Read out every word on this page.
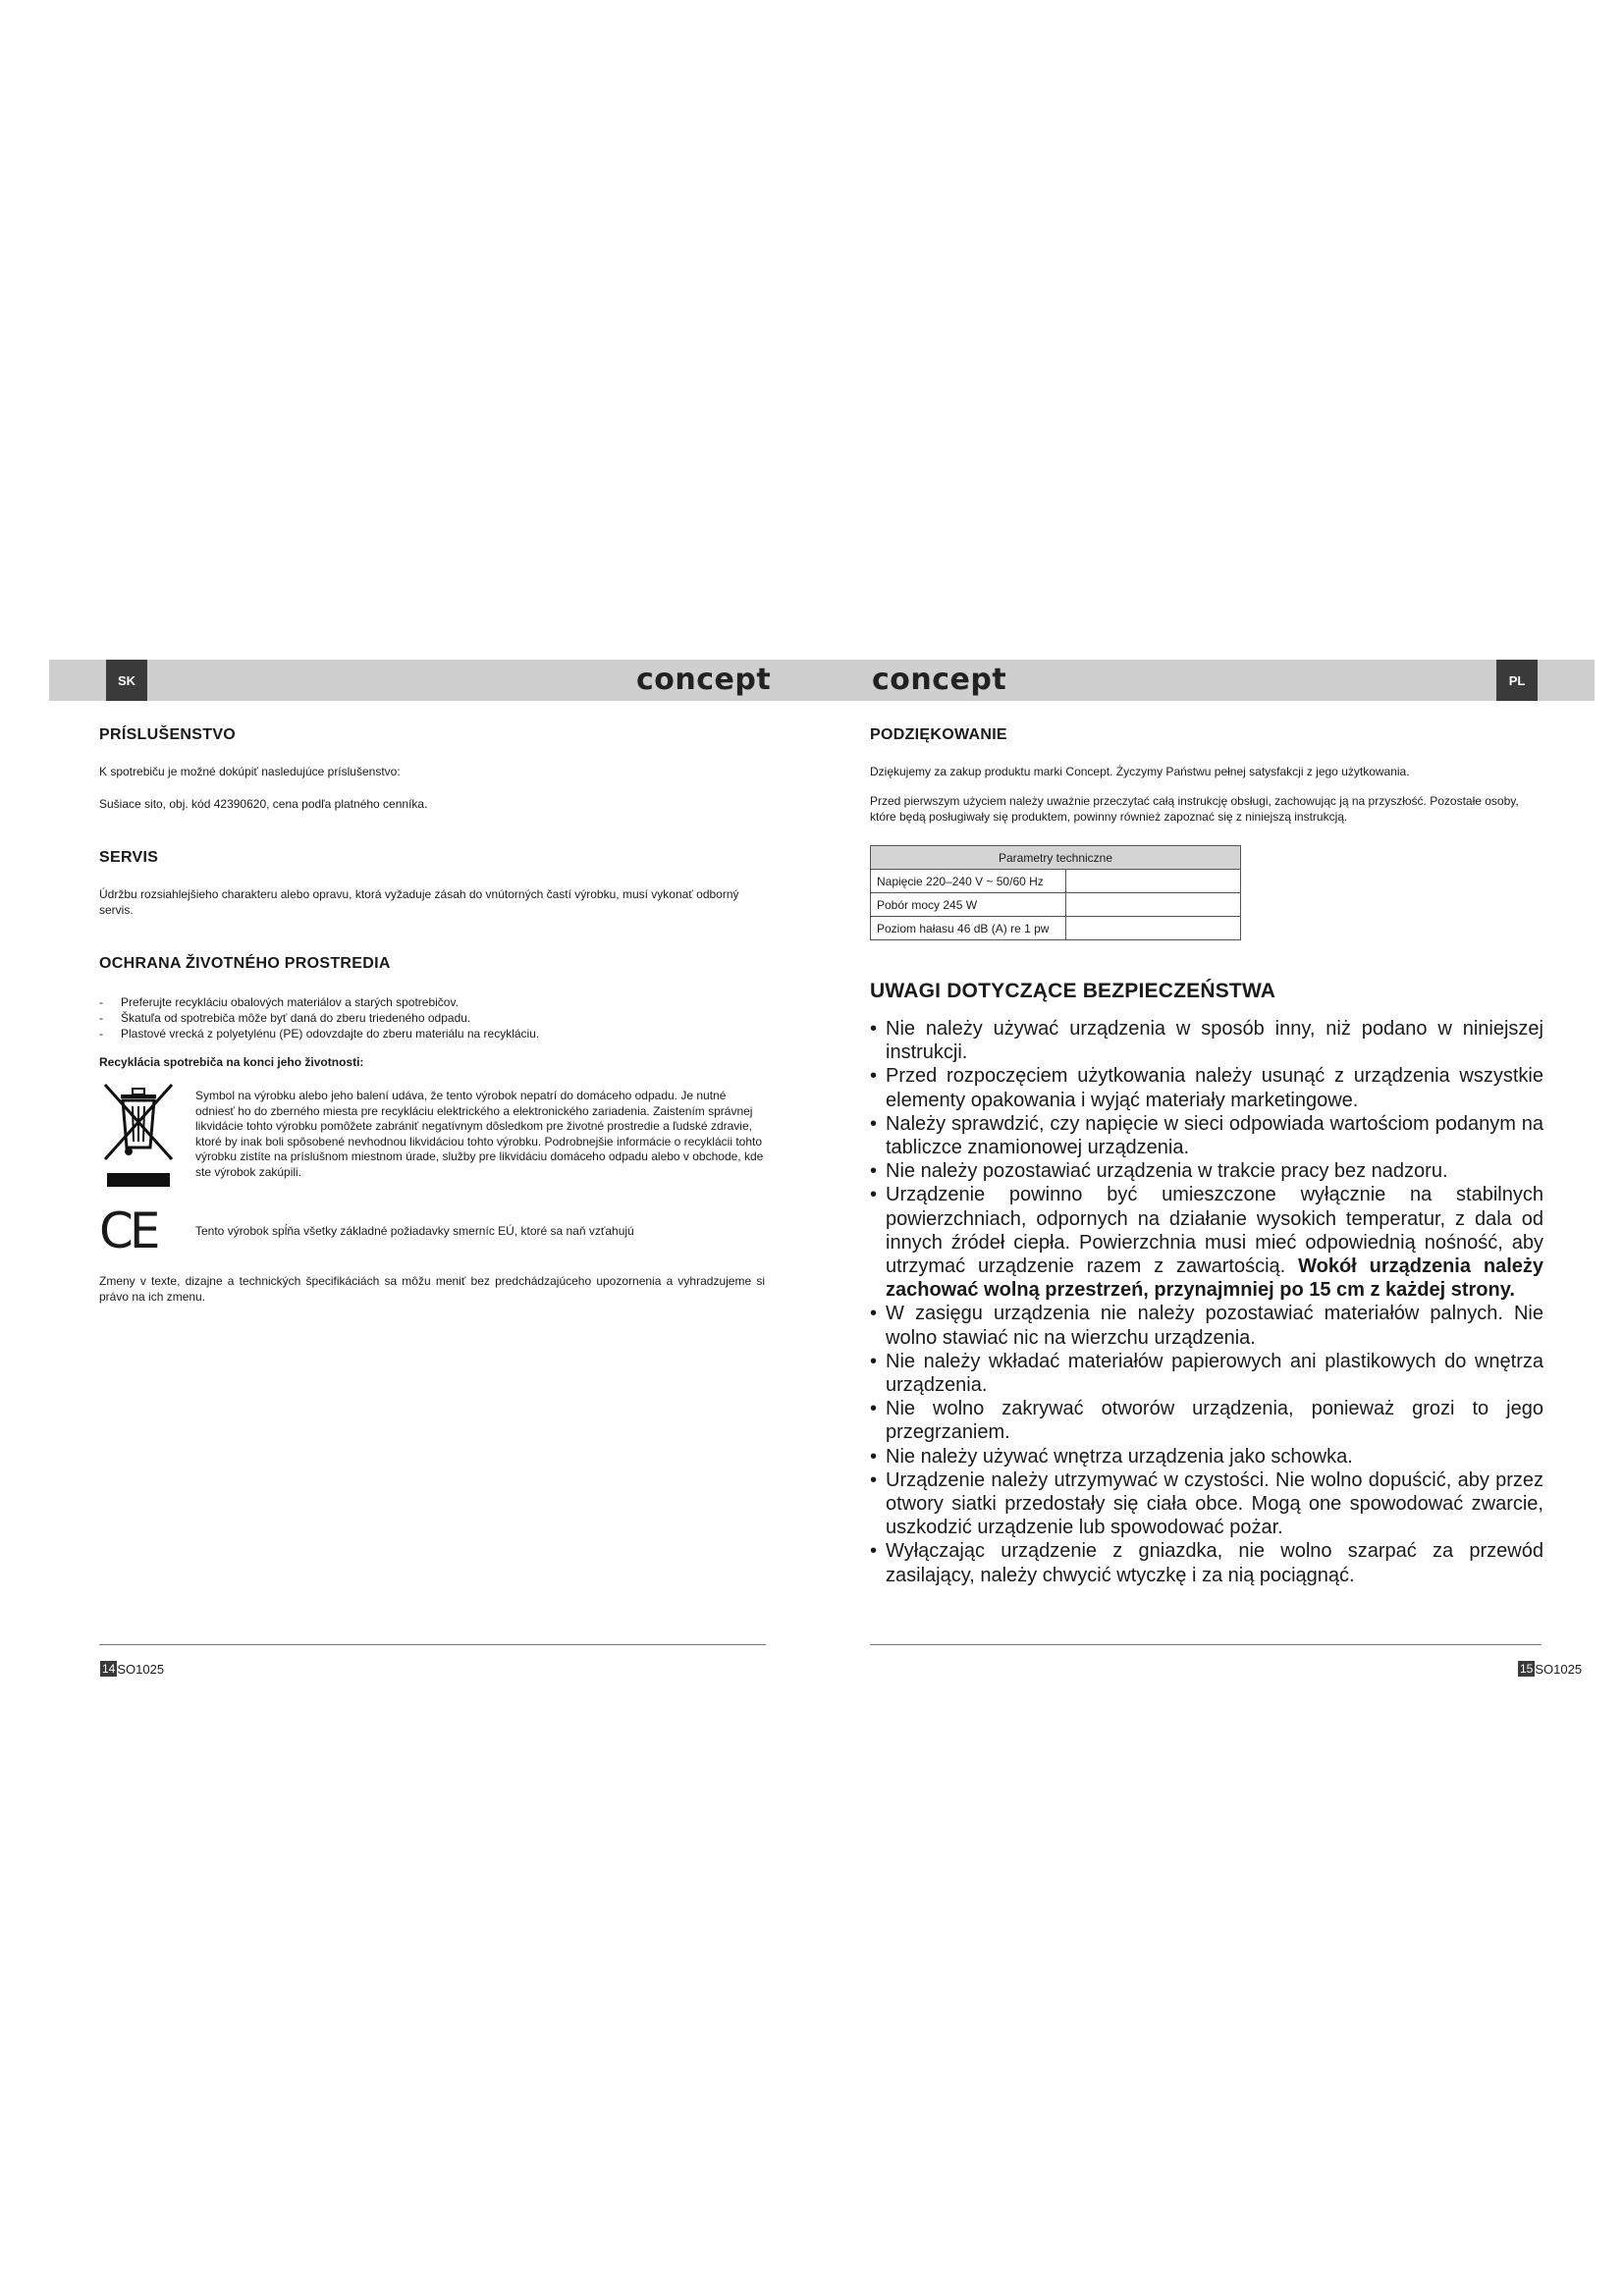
SK	PL
concept	concept
PRÍSLUŠENSTVO

K spotrebiču je možné dokúpiť nasledujúce príslušenstvo:

Sušiace sito, obj. kód 42390620, cena podľa platného cenníka.

SERVIS

Údržbu rozsiahlejšieho charakteru alebo opravu, ktorá vyžaduje zásah do vnútorných častí výrobku, musí vykonať odborný servis.

OCHRANA ŽIVOTNÉHO PROSTREDIA
- Preferujte recykláciu obalových materiálov a starých spotrebičov.
- Škatuľa od spotrebiča môže byť daná do zberu triedeného odpadu.
- Plastové vrecká z polyetylénu (PE) odovzdajte do zberu materiálu na recykláciu.

Recyklácia spotrebiča na konci jeho životnosti:

Symbol na výrobku alebo jeho balení udáva, že tento výrobok nepatrí do domáceho odpadu. Je nutné odniesť ho do zberného miesta pre recykláciu elektrického a elektronického zariadenia. Zaistením správnej likvidácie tohto výrobku pomôžete zabrániť negatívnym dôsledkom pre životné prostredie a ľudské zdravie, ktoré by inak boli spôsobené nevhodnou likvidáciou tohto výrobku. Podrobnejšie informácie o recyklácii tohto výrobku zistíte na príslušnom miestnom úrade, služby pre likvidáciu domáceho odpadu alebo v obchode, kde ste výrobok zakúpili.

CE	Tento výrobok spĺňa všetky základné požiadavky smerníc EÚ, ktoré sa naň vzťahujú

Zmeny v texte, dizajne a technických špecifikáciách sa môžu meniť bez predchádzajúceho upozornenia a vyhradzujeme si právo na ich zmenu.

PODZIĘKOWANIE

Dziękujemy za zakup produktu marki Concept. Życzymy Państwu pełnej satysfakcji z jego użytkowania.

Przed pierwszym użyciem należy uważnie przeczytać całą instrukcję obsługi, zachowując ją na przyszłość. Pozostałe osoby, które będą posługiwały się produktem, powinny również zapoznać się z niniejszą instrukcją.

Parametry techniczne	
Napięcie 220–240 V ~ 50/60 Hz	
Pobór mocy 245 W	
Poziom hałasu 46 dB (A) re 1 pw	
UWAGI DOTYCZĄCE BEZPIECZEŃSTWA
• Nie należy używać urządzenia w sposób inny, niż podano w niniejszej instrukcji.
• Przed rozpoczęciem użytkowania należy usunąć z urządzenia wszystkie elementy opakowania i wyjąć materiały marketingowe.
• Należy sprawdzić, czy napięcie w sieci odpowiada wartościom podanym na tabliczce znamionowej urządzenia.
• Nie należy pozostawiać urządzenia w trakcie pracy bez nadzoru.
• Urządzenie powinno być umieszczone wyłącznie na stabilnych powierzchniach, odpornych na działanie wysokich temperatur, z dala od innych źródeł ciepła. Powierzchnia musi mieć odpowiednią nośność, aby utrzymać urządzenie razem z zawartością. Wokół urządzenia należy zachować wolną przestrzeń, przynajmniej po 15 cm z każdej strony.
• W zasięgu urządzenia nie należy pozostawiać materiałów palnych. Nie wolno stawiać nic na wierzchu urządzenia.
• Nie należy wkładać materiałów papierowych ani plastikowych do wnętrza urządzenia.
• Nie wolno zakrywać otworów urządzenia, ponieważ grozi to jego przegrzaniem.
• Nie należy używać wnętrza urządzenia jako schowka.
• Urządzenie należy utrzymywać w czystości. Nie wolno dopuścić, aby przez otwory siatki przedostały się ciała obce. Mogą one spowodować zwarcie, uszkodzić urządzenie lub spowodować pożar.
• Wyłączając urządzenie z gniazdka, nie wolno szarpać za przewód zasilający, należy chwycić wtyczkę i za nią pociągnąć.
14 SO1025	15 SO1025
